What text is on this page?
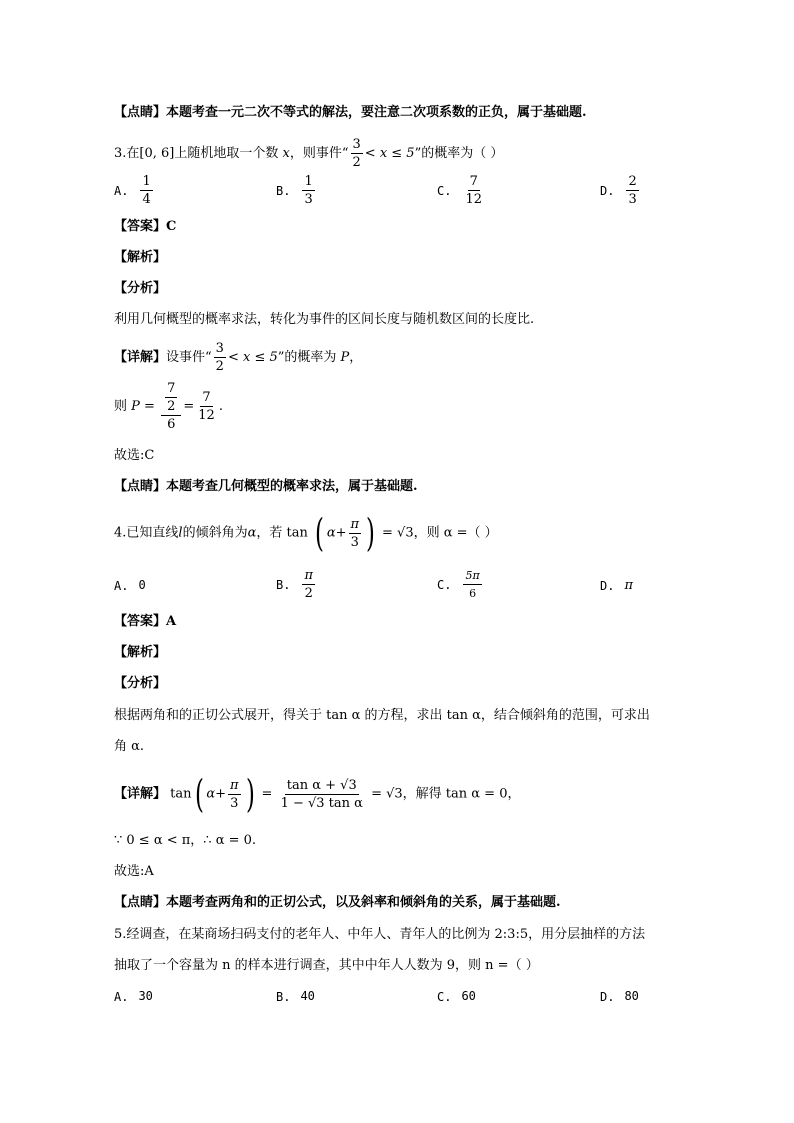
【点睛】本题考查一元二次不等式的解法，要注意二次项系数的正负，属于基础题.
3.在[0, 6]上随机地取一个数 x，则事件“ $\frac{3}{2} < x \le 5$”的概率为（ ）
A. $\frac{1}{4}$	B. $\frac{1}{3}$	C. $\frac{7}{12}$	D. $\frac{2}{3}$
【答案】C
【解析】
【分析】
利用几何概型的概率求法，转化为事件的区间长度与随机数区间的长度比.
【详解】设事件“ $\frac{3}{2} < x \le 5$”的概率为 P，
则 $P = \frac{\frac{7}{2}}{6} = \frac{7}{12}$ .
故选:C
【点睛】本题考查几何概型的概率求法，属于基础题.
4.已知直线l的倾斜角为α，若 tan ( $\alpha+ \frac{\pi}{3}$ ) = √3，则 α =（ ）
A. 0	B. $\frac{\pi}{2}$	C. $\frac{5\pi}{6}$	D. π
【答案】A
【解析】
【分析】
根据两角和的正切公式展开，得关于 tan α 的方程，求出 tan α，结合倾斜角的范围，可求出
角 α.
【详解】 tan( $\alpha+ \frac{\pi}{3}$ ) = $\frac{\text{tan α + √3}}{\text{1 − √3 tan α}} = √3$，解得 tan α = 0，
∵ 0 ≤ α < π，∴ α = 0.
故选:A
【点睛】本题考查两角和的正切公式，以及斜率和倾斜角的关系，属于基础题.
5.经调查，在某商场扫码支付的老年人、中年人、青年人的比例为 2:3:5，用分层抽样的方法
抽取了一个容量为 n 的样本进行调查，其中中年人人数为 9，则 n =（ ）
A. 30	B. 40	C. 60	D. 80
